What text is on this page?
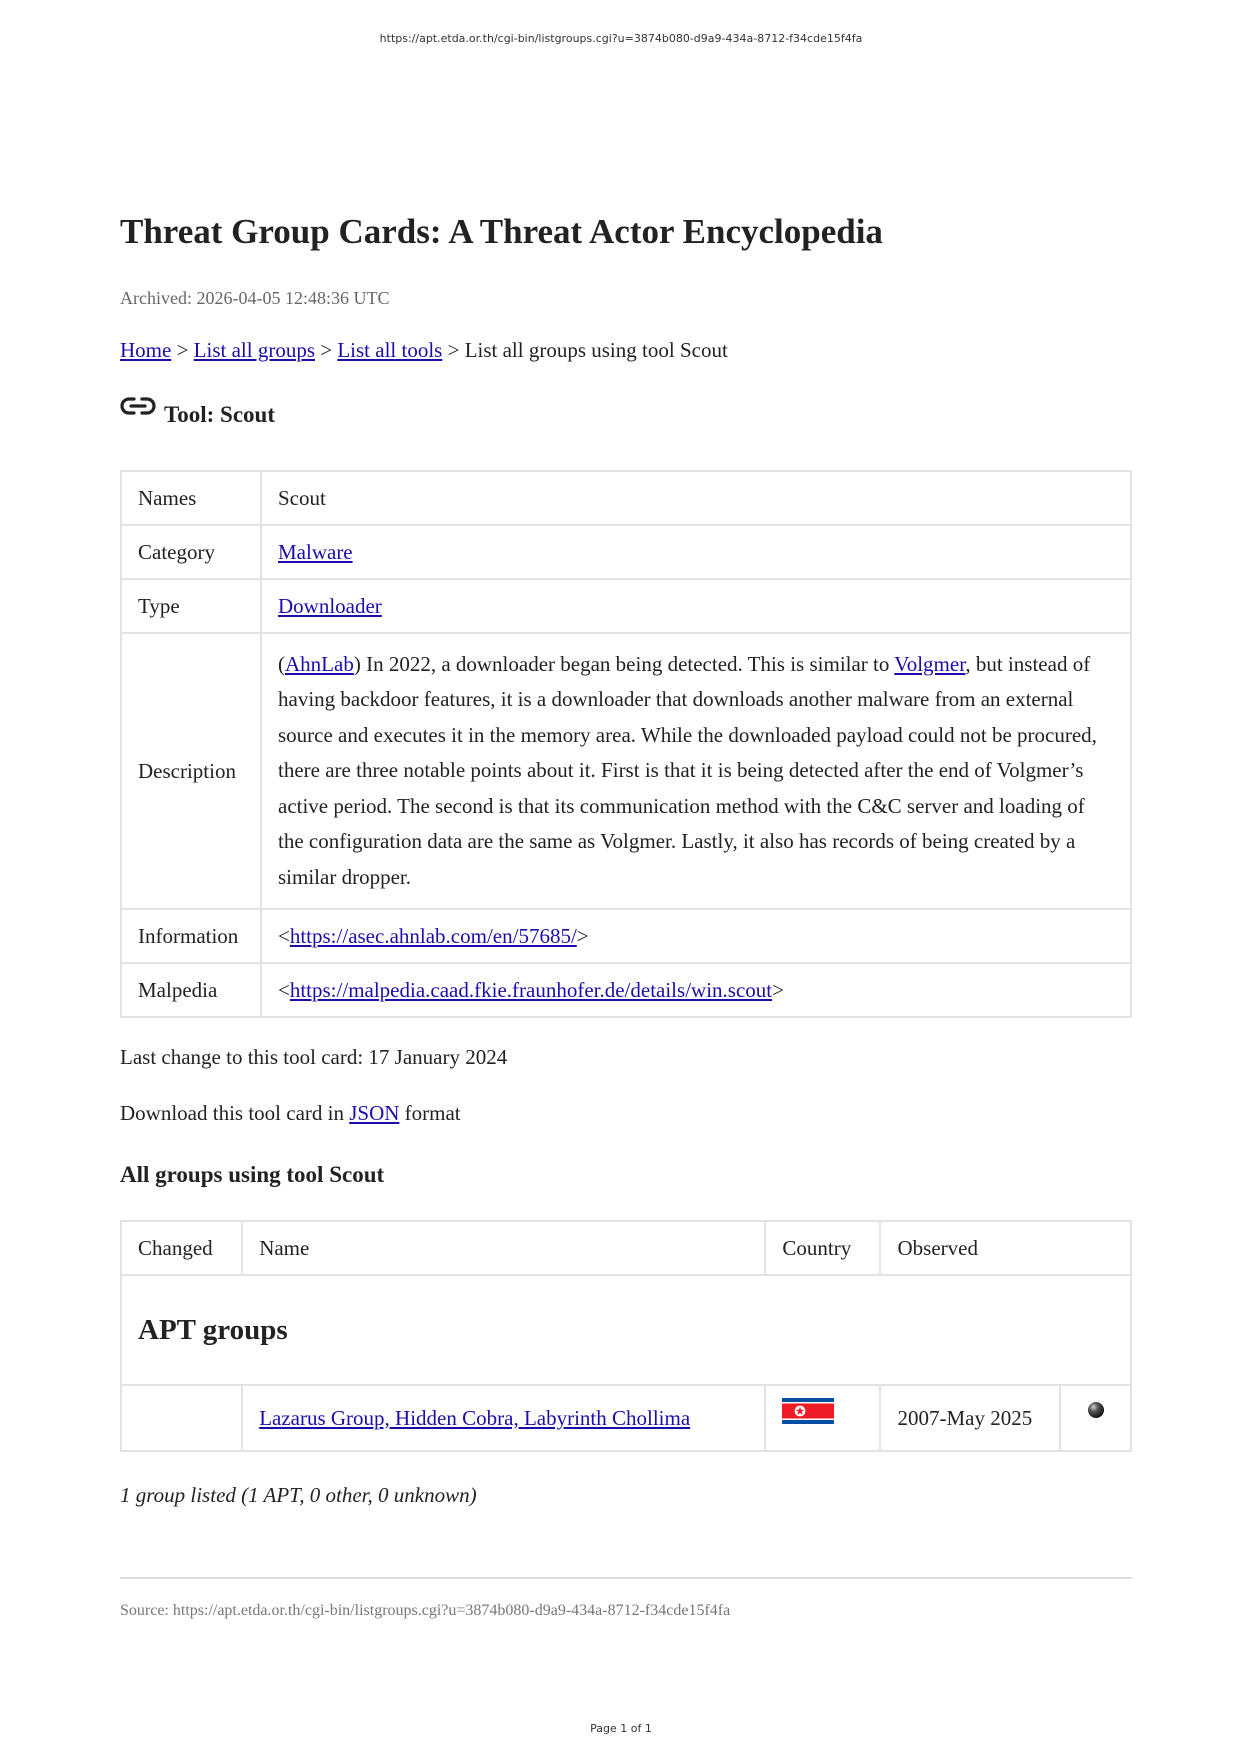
https://apt.etda.or.th/cgi-bin/listgroups.cgi?u=3874b080-d9a9-434a-8712-f34cde15f4fa
Threat Group Cards: A Threat Actor Encyclopedia
Archived: 2026-04-05 12:48:36 UTC
Home > List all groups > List all tools > List all groups using tool Scout
Tool: Scout
Names	Scout
Category	Malware
Type	Downloader
Description	(AhnLab) In 2022, a downloader began being detected. This is similar to Volgmer, but instead of having backdoor features, it is a downloader that downloads another malware from an external source and executes it in the memory area. While the downloaded payload could not be procured, there are three notable points about it. First is that it is being detected after the end of Volgmer’s active period. The second is that its communication method with the C&C server and loading of the configuration data are the same as Volgmer. Lastly, it also has records of being created by a similar dropper.
Information	<https://asec.ahnlab.com/en/57685/>
Malpedia	<https://malpedia.caad.fkie.fraunhofer.de/details/win.scout>
Last change to this tool card: 17 January 2024
Download this tool card in JSON format
All groups using tool Scout
Changed	Name	Country	Observed	
APT groups				
	Lazarus Group, Hidden Cobra, Labyrinth Chollima		2007-May 2025	
1 group listed (1 APT, 0 other, 0 unknown)
Source: https://apt.etda.or.th/cgi-bin/listgroups.cgi?u=3874b080-d9a9-434a-8712-f34cde15f4fa
Page 1 of 1
